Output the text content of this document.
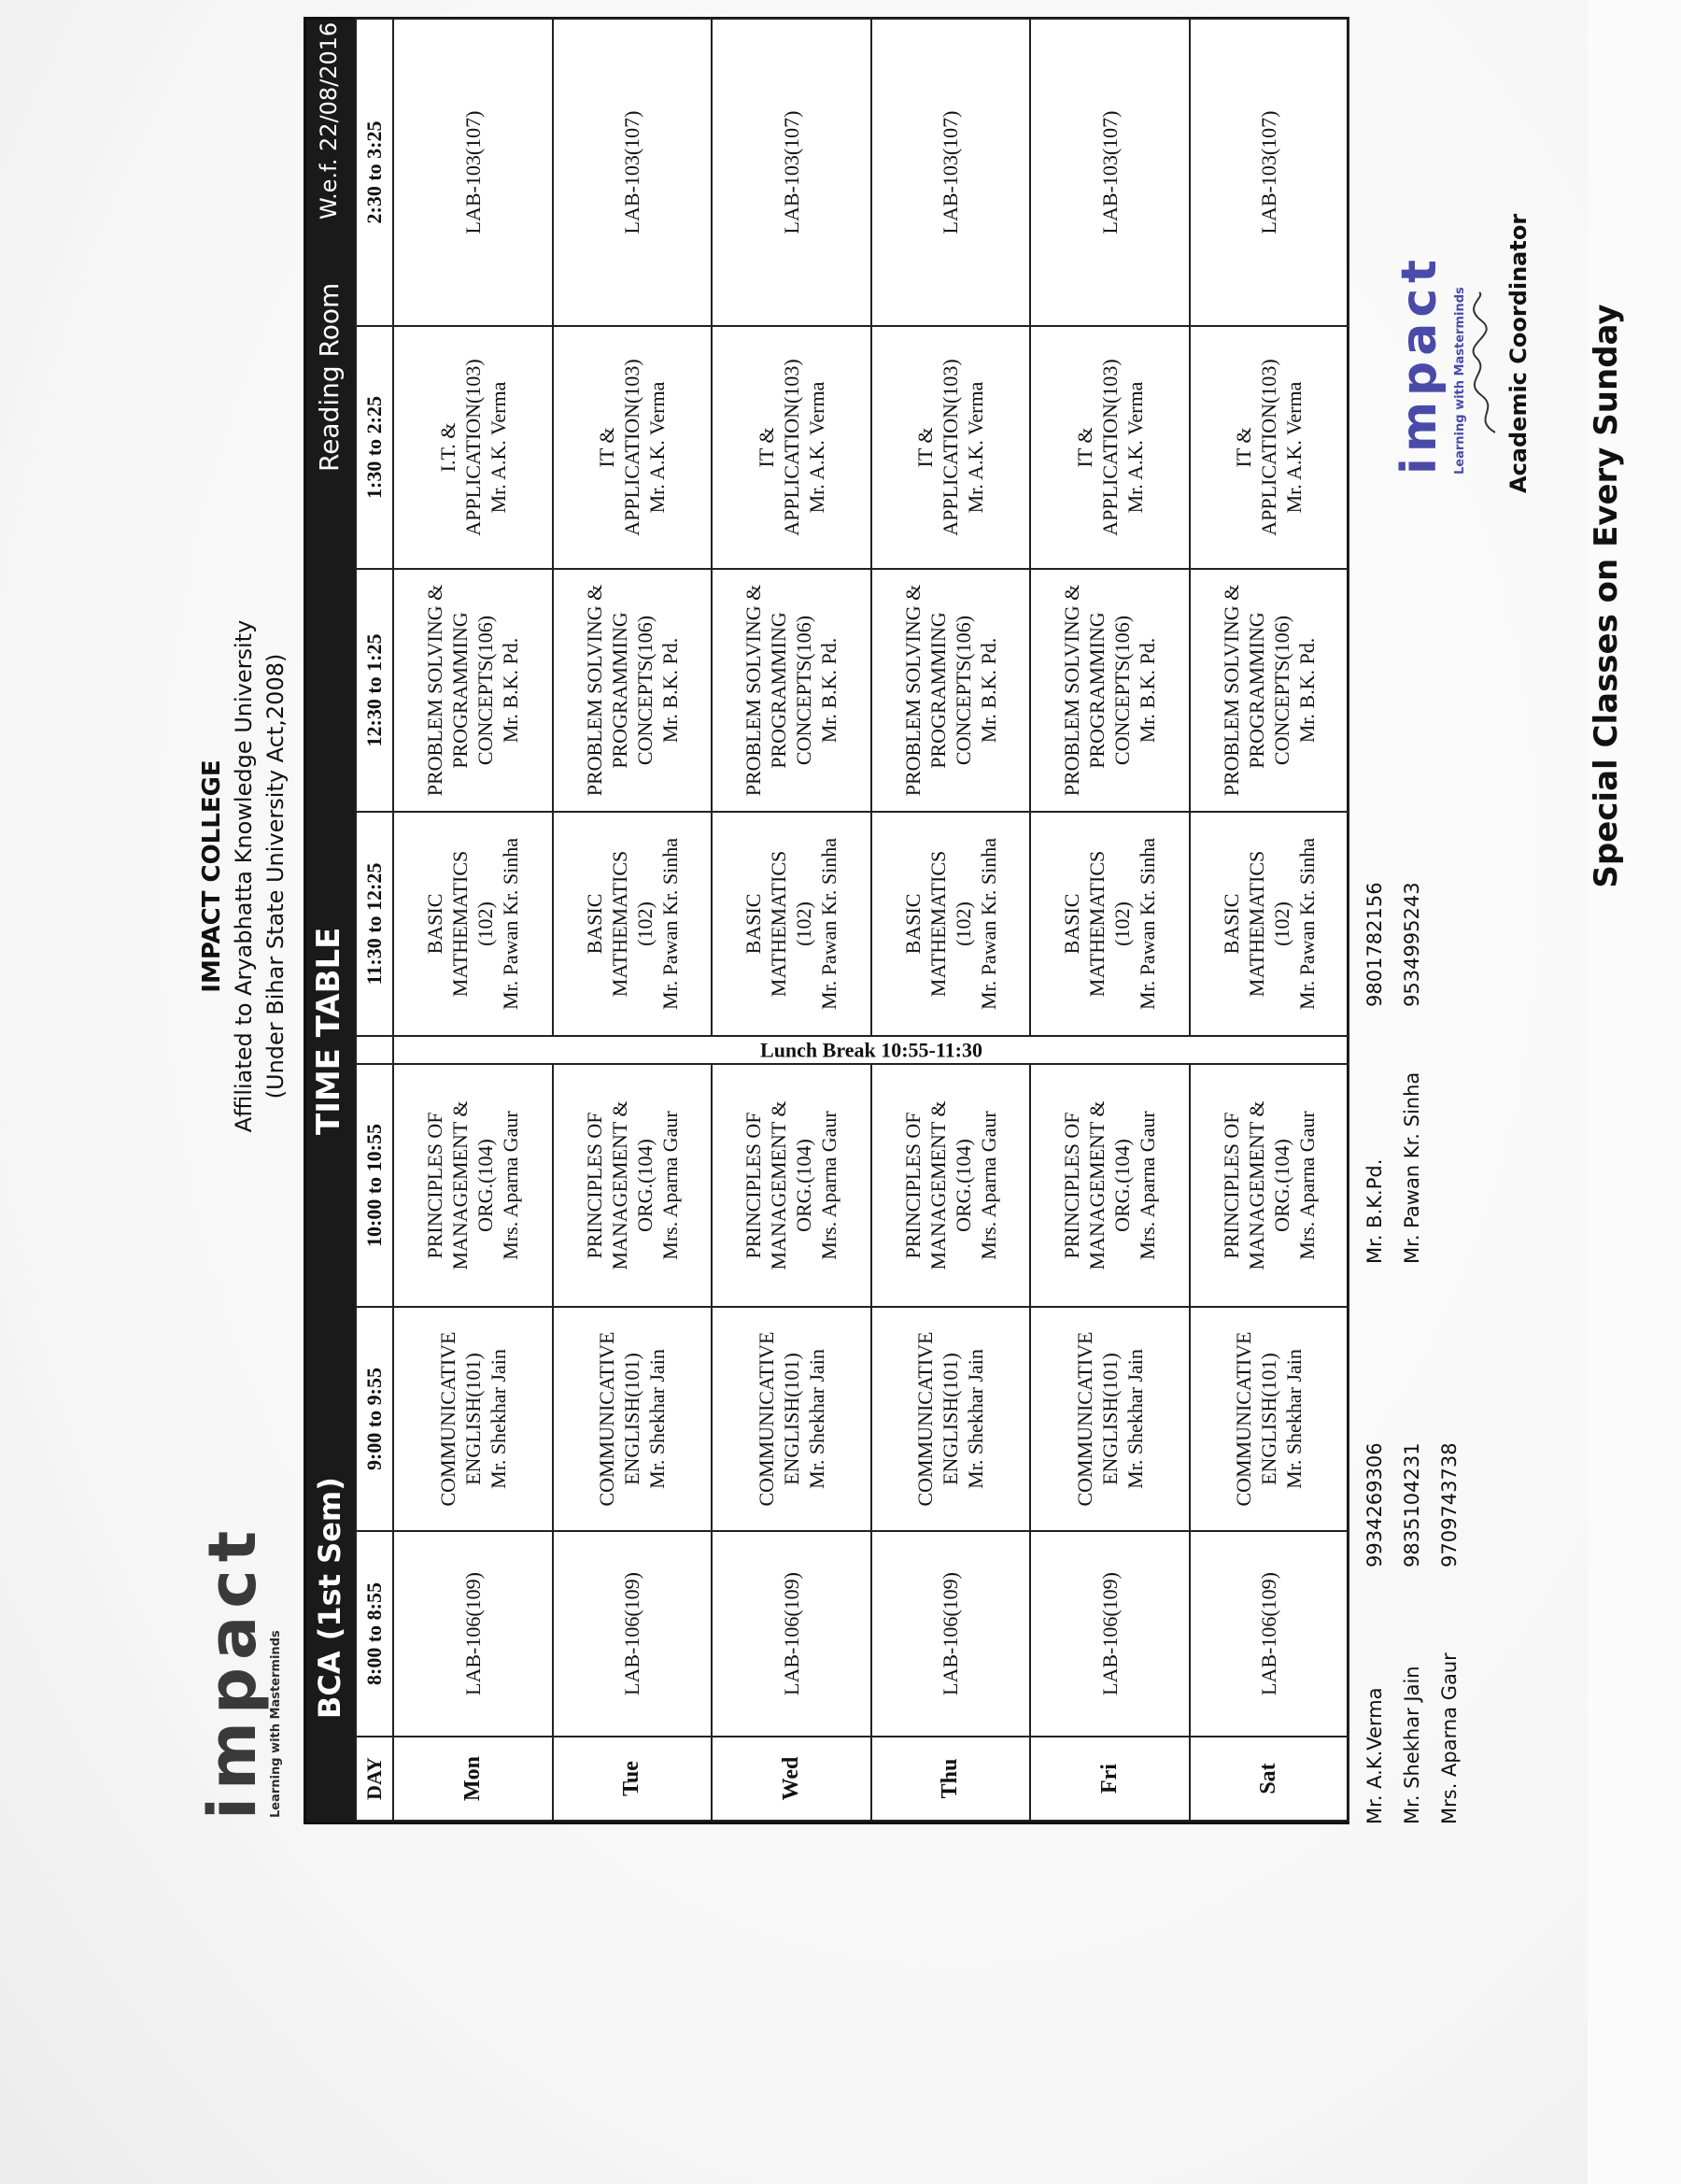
impact
Learning with Masterminds
IMPACT COLLEGE Affiliated to Aryabhatta Knowledge University (Under Bihar State University Act,2008)
BCA (1st Sem)
TIME TABLE
Reading Room
W.e.f. 22/08/2016
DAY	8:00 to 8:55	9:00 to 9:55	10:00 to 10:55		11:30 to 12:25	12:30 to 1:25	1:30 to 2:25	2:30 to 3:25
Mon	LAB-106(109)	COMMUNICATIVE ENGLISH(101) Mr. Shekhar Jain	PRINCIPLES OF MANAGEMENT & ORG.(104) Mrs. Aparna Gaur	Lunch Break 10:55-11:30	BASIC MATHEMATICS (102) Mr. Pawan Kr. Sinha	PROBLEM SOLVING & PROGRAMMING CONCEPTS(106) Mr. B.K. Pd.	I.T. & APPLICATION(103) Mr. A.K. Verma	LAB-103(107)
Tue	LAB-106(109)	COMMUNICATIVE ENGLISH(101) Mr. Shekhar Jain	PRINCIPLES OF MANAGEMENT & ORG.(104) Mrs. Aparna Gaur		BASIC MATHEMATICS (102) Mr. Pawan Kr. Sinha	PROBLEM SOLVING & PROGRAMMING CONCEPTS(106) Mr. B.K. Pd.	IT & APPLICATION(103) Mr. A.K. Verma	LAB-103(107)
Wed	LAB-106(109)	COMMUNICATIVE ENGLISH(101) Mr. Shekhar Jain	PRINCIPLES OF MANAGEMENT & ORG.(104) Mrs. Aparna Gaur		BASIC MATHEMATICS (102) Mr. Pawan Kr. Sinha	PROBLEM SOLVING & PROGRAMMING CONCEPTS(106) Mr. B.K. Pd.	IT & APPLICATION(103) Mr. A.K. Verma	LAB-103(107)
Thu	LAB-106(109)	COMMUNICATIVE ENGLISH(101) Mr. Shekhar Jain	PRINCIPLES OF MANAGEMENT & ORG.(104) Mrs. Aparna Gaur		BASIC MATHEMATICS (102) Mr. Pawan Kr. Sinha	PROBLEM SOLVING & PROGRAMMING CONCEPTS(106) Mr. B.K. Pd.	IT & APPLICATION(103) Mr. A.K. Verma	LAB-103(107)
Fri	LAB-106(109)	COMMUNICATIVE ENGLISH(101) Mr. Shekhar Jain	PRINCIPLES OF MANAGEMENT & ORG.(104) Mrs. Aparna Gaur		BASIC MATHEMATICS (102) Mr. Pawan Kr. Sinha	PROBLEM SOLVING & PROGRAMMING CONCEPTS(106) Mr. B.K. Pd.	IT & APPLICATION(103) Mr. A.K. Verma	LAB-103(107)
Sat	LAB-106(109)	COMMUNICATIVE ENGLISH(101) Mr. Shekhar Jain	PRINCIPLES OF MANAGEMENT & ORG.(104) Mrs. Aparna Gaur		BASIC MATHEMATICS (102) Mr. Pawan Kr. Sinha	PROBLEM SOLVING & PROGRAMMING CONCEPTS(106) Mr. B.K. Pd.	IT & APPLICATION(103) Mr. A.K. Verma	LAB-103(107)
Mr. A.K.Verma
9934269306
Mr. Shekhar Jain
9835104231
Mrs. Aparna Gaur
9709743738
Mr. B.K.Pd.
9801782156
Mr. Pawan Kr. Sinha
9534995243
impact Learning with Masterminds Academic Coordinator Special Classes on Every Sunday
